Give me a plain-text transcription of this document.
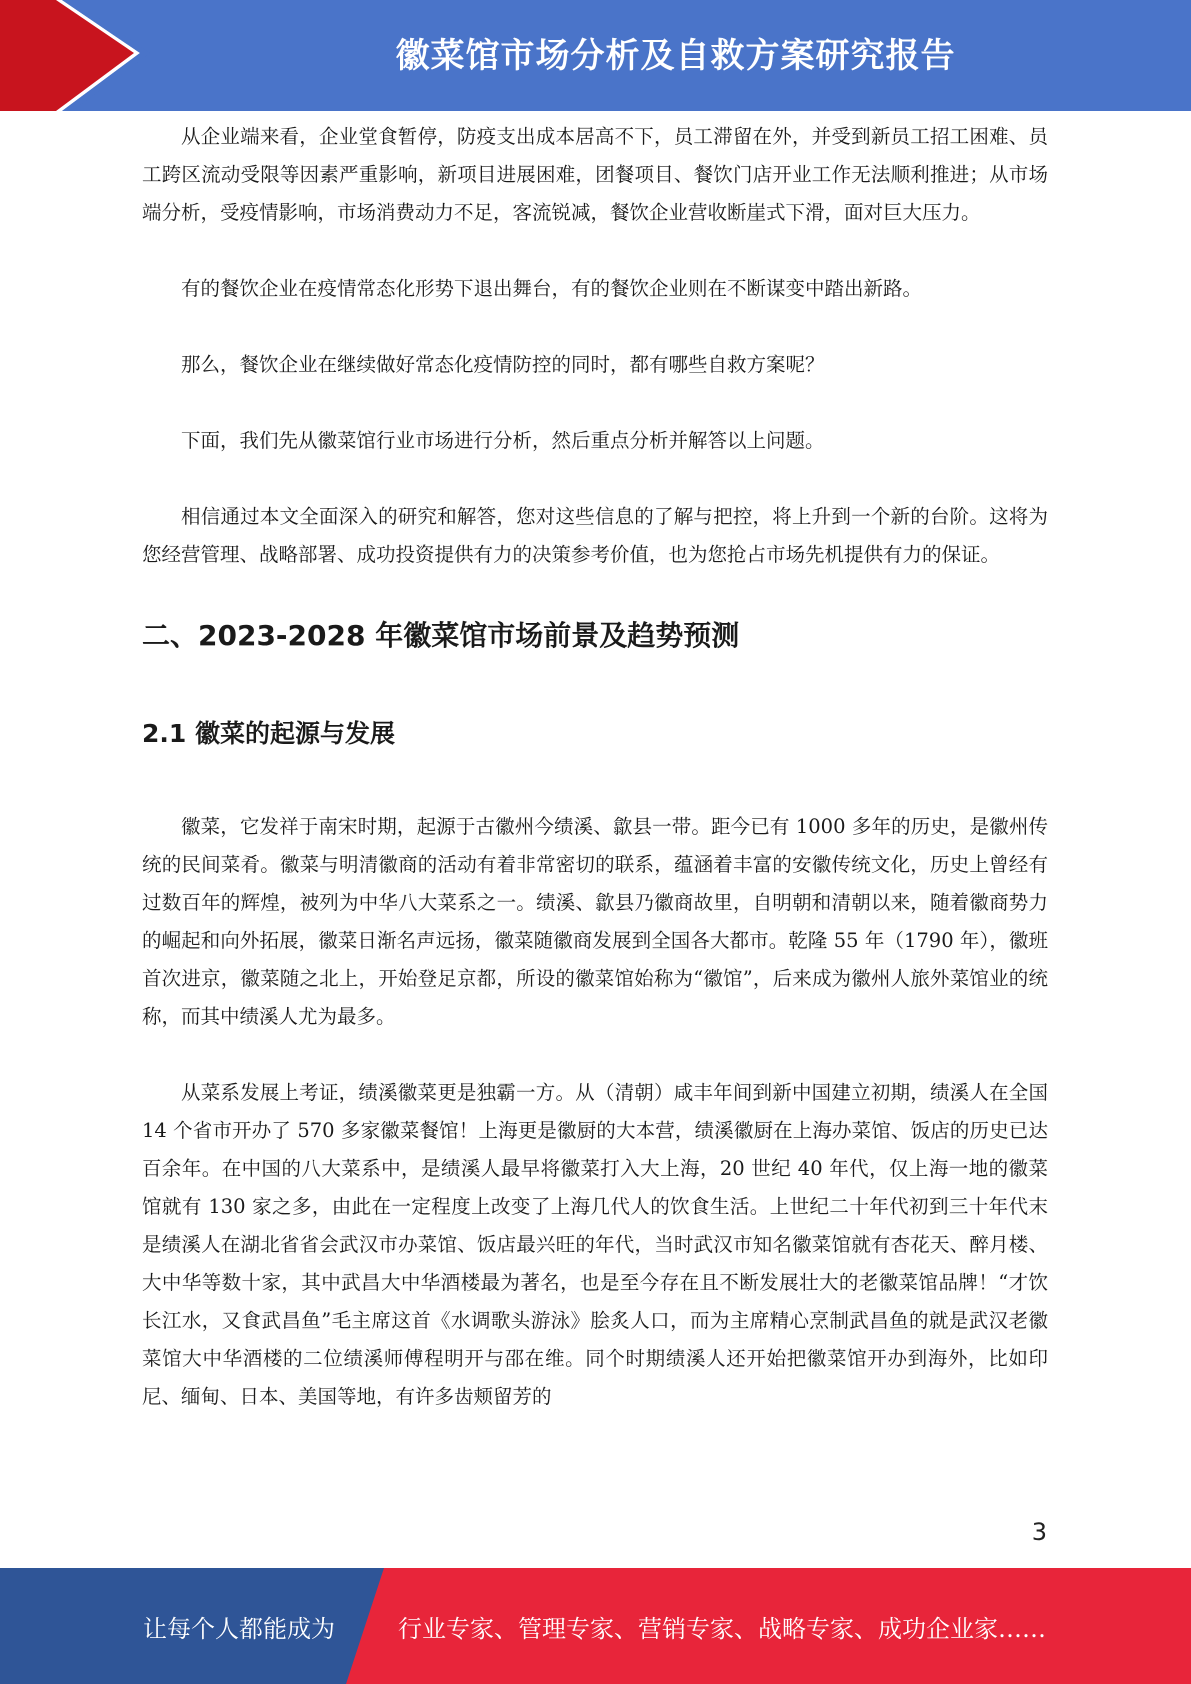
徽菜馆市场分析及自救方案研究报告

从企业端来看，企业堂食暂停，防疫支出成本居高不下，员工滞留在外，并受到新员工招工困难、员工跨区流动受限等因素严重影响，新项目进展困难，团餐项目、餐饮门店开业工作无法顺利推进；从市场端分析，受疫情影响，市场消费动力不足，客流锐减，餐饮企业营收断崖式下滑，面对巨大压力。

有的餐饮企业在疫情常态化形势下退出舞台，有的餐饮企业则在不断谋变中踏出新路。

那么，餐饮企业在继续做好常态化疫情防控的同时，都有哪些自救方案呢？

下面，我们先从徽菜馆行业市场进行分析，然后重点分析并解答以上问题。

相信通过本文全面深入的研究和解答，您对这些信息的了解与把控，将上升到一个新的台阶。这将为您经营管理、战略部署、成功投资提供有力的决策参考价值，也为您抢占市场先机提供有力的保证。

二、2023-2028 年徽菜馆市场前景及趋势预测
2.1 徽菜的起源与发展

徽菜，它发祥于南宋时期，起源于古徽州今绩溪、歙县一带。距今已有 1000 多年的历史，是徽州传统的民间菜肴。徽菜与明清徽商的活动有着非常密切的联系，蕴涵着丰富的安徽传统文化，历史上曾经有过数百年的辉煌，被列为中华八大菜系之一。绩溪、歙县乃徽商故里，自明朝和清朝以来，随着徽商势力的崛起和向外拓展，徽菜日渐名声远扬，徽菜随徽商发展到全国各大都市。乾隆 55 年（1790 年），徽班首次进京，徽菜随之北上，开始登足京都，所设的徽菜馆始称为“徽馆”，后来成为徽州人旅外菜馆业的统称，而其中绩溪人尤为最多。

从菜系发展上考证，绩溪徽菜更是独霸一方。从（清朝）咸丰年间到新中国建立初期，绩溪人在全国 14 个省市开办了 570 多家徽菜餐馆！上海更是徽厨的大本营，绩溪徽厨在上海办菜馆、饭店的历史已达百余年。在中国的八大菜系中，是绩溪人最早将徽菜打入大上海，20 世纪 40 年代，仅上海一地的徽菜馆就有 130 家之多，由此在一定程度上改变了上海几代人的饮食生活。上世纪二十年代初到三十年代末是绩溪人在湖北省省会武汉市办菜馆、饭店最兴旺的年代，当时武汉市知名徽菜馆就有杏花天、醉月楼、大中华等数十家，其中武昌大中华酒楼最为著名，也是至今存在且不断发展壮大的老徽菜馆品牌！“才饮长江水，又食武昌鱼”毛主席这首《水调歌头游泳》脍炙人口，而为主席精心烹制武昌鱼的就是武汉老徽菜馆大中华酒楼的二位绩溪师傅程明开与邵在维。同个时期绩溪人还开始把徽菜馆开办到海外，比如印尼、缅甸、日本、美国等地，有许多齿颊留芳的

3
让每个人都能成为	行业专家、管理专家、营销专家、战略专家、成功企业家……
